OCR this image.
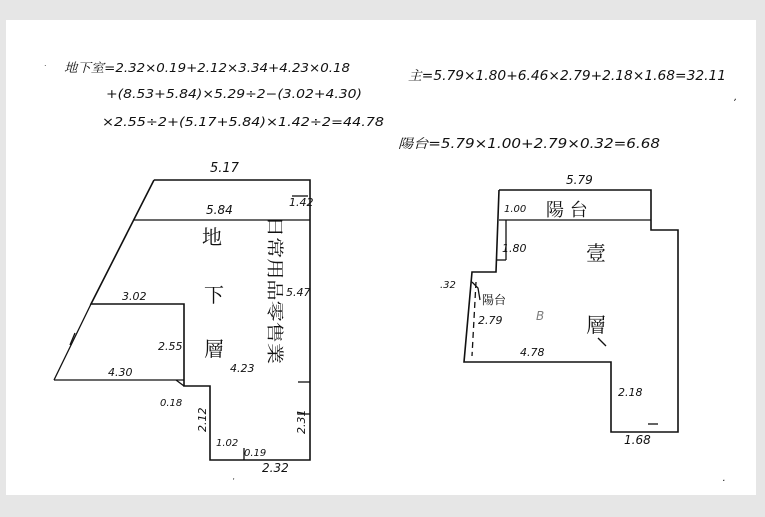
· 地下室=2.32×0.19+2.12×3.34+4.23×0.18
+(8.53+5.84)×5.29÷2−(3.02+4.30)
×2.55÷2+(5.17+5.84)×1.42÷2=44.78
主=5.79×1.80+6.46×2.79+2.18×1.68=32.11
,
陽台=5.79×1.00+2.79×0.32=6.68
·
5.17
5.84
1.42
3.02	5.47
2.55
4.30	4.23
0.18
2.12	2.31
1.02
0.19
2.32
地
下
層
日常用品零售業
5.79
1.00
1.80
.32
2.79
4.78
2.18
1.68
陽 台
壹
層
陽台
B
·
